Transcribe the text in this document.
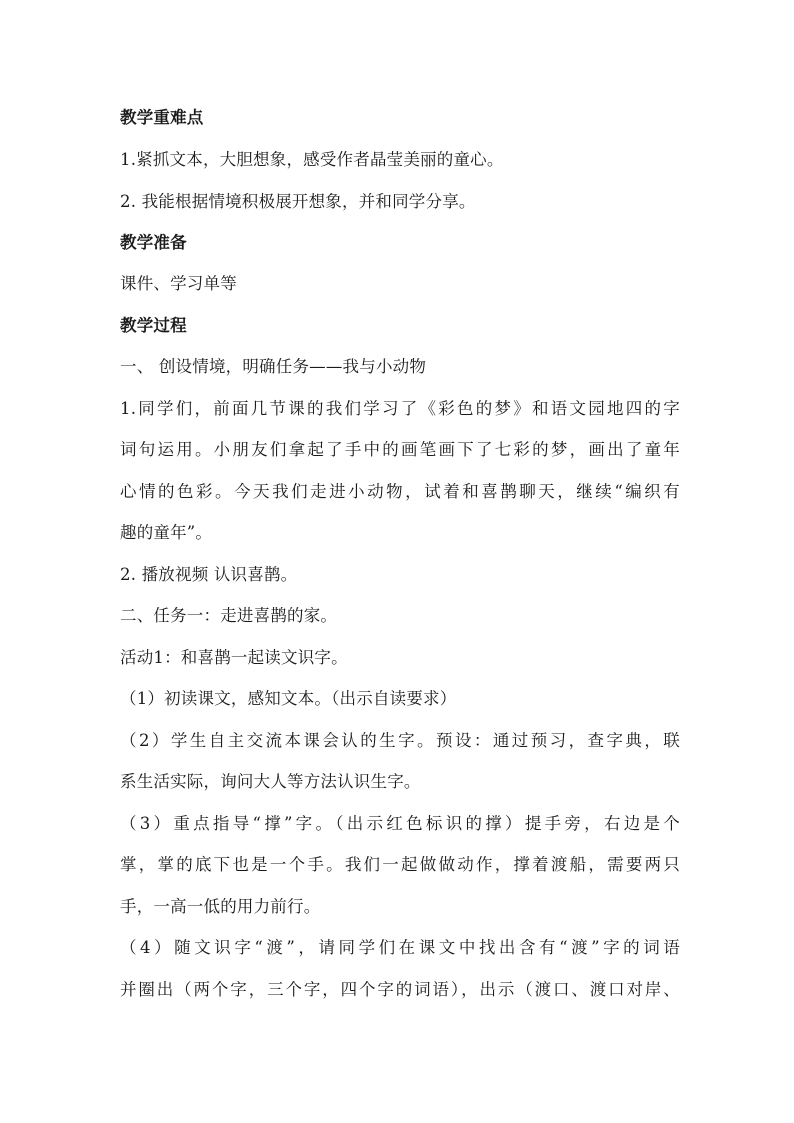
教学重难点
1.紧抓文本，大胆想象，感受作者晶莹美丽的童心。
2. 我能根据情境积极展开想象，并和同学分享。
教学准备
课件、学习单等
教学过程
一、 创设情境，明确任务——我与小动物
1.同学们，前面几节课的我们学习了《彩色的梦》和语文园地四的字
词句运用。小朋友们拿起了手中的画笔画下了七彩的梦，画出了童年
心情的色彩。今天我们走进小动物，试着和喜鹊聊天，继续“编织有
趣的童年”。
2. 播放视频 认识喜鹊。
二、任务一：走进喜鹊的家。
活动1：和喜鹊一起读文识字。
（1）初读课文，感知文本。（出示自读要求）
（2）学生自主交流本课会认的生字。预设：通过预习，查字典，联
系生活实际，询问大人等方法认识生字。
（3）重点指导“撑”字。（出示红色标识的撑）提手旁，右边是个
掌，掌的底下也是一个手。我们一起做做动作，撑着渡船，需要两只
手，一高一低的用力前行。
（4）随文识字“渡”，请同学们在课文中找出含有“渡”字的词语
并圈出（两个字，三个字，四个字的词语），出示（渡口、渡口对岸、
